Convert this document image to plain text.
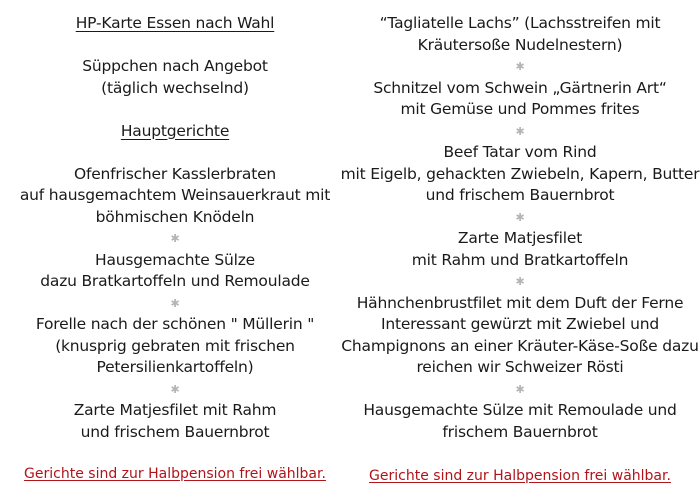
HP-Karte Essen nach Wahl
Süppchen nach Angebot
(täglich wechselnd)
Hauptgerichte
Ofenfrischer Kasslerbraten
auf hausgemachtem Weinsauerkraut mit
böhmischen Knödeln
✱
Hausgemachte Sülze
dazu Bratkartoffeln und Remoulade
✱
Forelle nach der schönen " Müllerin "
(knusprig gebraten mit frischen
Petersilienkartoffeln)
✱
Zarte Matjesfilet mit Rahm
und frischem Bauernbrot
Gerichte sind zur Halbpension frei wählbar.
“Tagliatelle Lachs” (Lachsstreifen mit
Kräutersoße Nudelnestern)
✱
Schnitzel vom Schwein „Gärtnerin Art“
mit Gemüse und Pommes frites
✱
Beef Tatar vom Rind
mit Eigelb, gehackten Zwiebeln, Kapern, Butter
und frischem Bauernbrot
✱
Zarte Matjesfilet
mit Rahm und Bratkartoffeln
✱
Hähnchenbrustfilet mit dem Duft der Ferne
Interessant gewürzt mit Zwiebel und
Champignons an einer Kräuter-Käse-Soße dazu
reichen wir Schweizer Rösti
✱
Hausgemachte Sülze mit Remoulade und
frischem Bauernbrot
Gerichte sind zur Halbpension frei wählbar.
